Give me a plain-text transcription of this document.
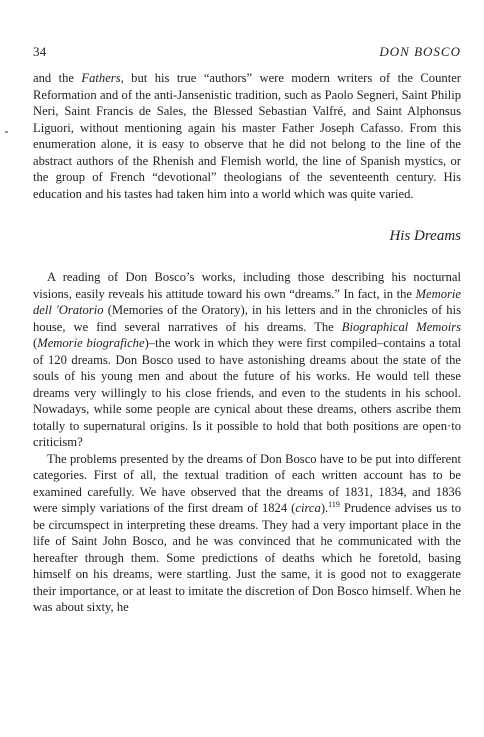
34	DON BOSCO

and the Fathers, but his true “authors” were modern writers of the Counter Reformation and of the anti-Jansenistic tradition, such as Paolo Segneri, Saint Philip Neri, Saint Francis de Sales, the Blessed Sebastian Valfré, and Saint Alphonsus Liguori, without mentioning again his master Father Joseph Cafasso. From this enumeration alone, it is easy to observe that he did not belong to the line of the abstract authors of the Rhenish and Flemish world, the line of Spanish mystics, or the group of French “devotional” theologians of the seventeenth century. His education and his tastes had taken him into a world which was quite varied.

His Dreams

A reading of Don Bosco’s works, including those describing his nocturnal visions, easily reveals his attitude toward his own “dreams.” In fact, in the Memorie dell 'Oratorio (Memories of the Oratory), in his letters and in the chronicles of his house, we find several narratives of his dreams. The Biographical Memoirs (Memorie biografiche)–the work in which they were first compiled–contains a total of 120 dreams. Don Bosco used to have astonishing dreams about the state of the souls of his young men and about the future of his works. He would tell these dreams very willingly to his close friends, and even to the students in his school. Nowadays, while some people are cynical about these dreams, others ascribe them totally to supernatural origins. Is it possible to hold that both positions are open·to criticism?

The problems presented by the dreams of Don Bosco have to be put into different categories. First of all, the textual tradition of each written account has to be examined carefully. We have observed that the dreams of 1831, 1834, and 1836 were simply variations of the first dream of 1824 (circa).$^{119}$ Prudence advises us to be circumspect in interpreting these dreams. They had a very important place in the life of Saint John Bosco, and he was convinced that he communicated with the hereafter through them. Some predictions of deaths which he foretold, basing himself on his dreams, were startling. Just the same, it is good not to exaggerate their importance, or at least to imitate the discretion of Don Bosco himself. When he was about sixty, he
